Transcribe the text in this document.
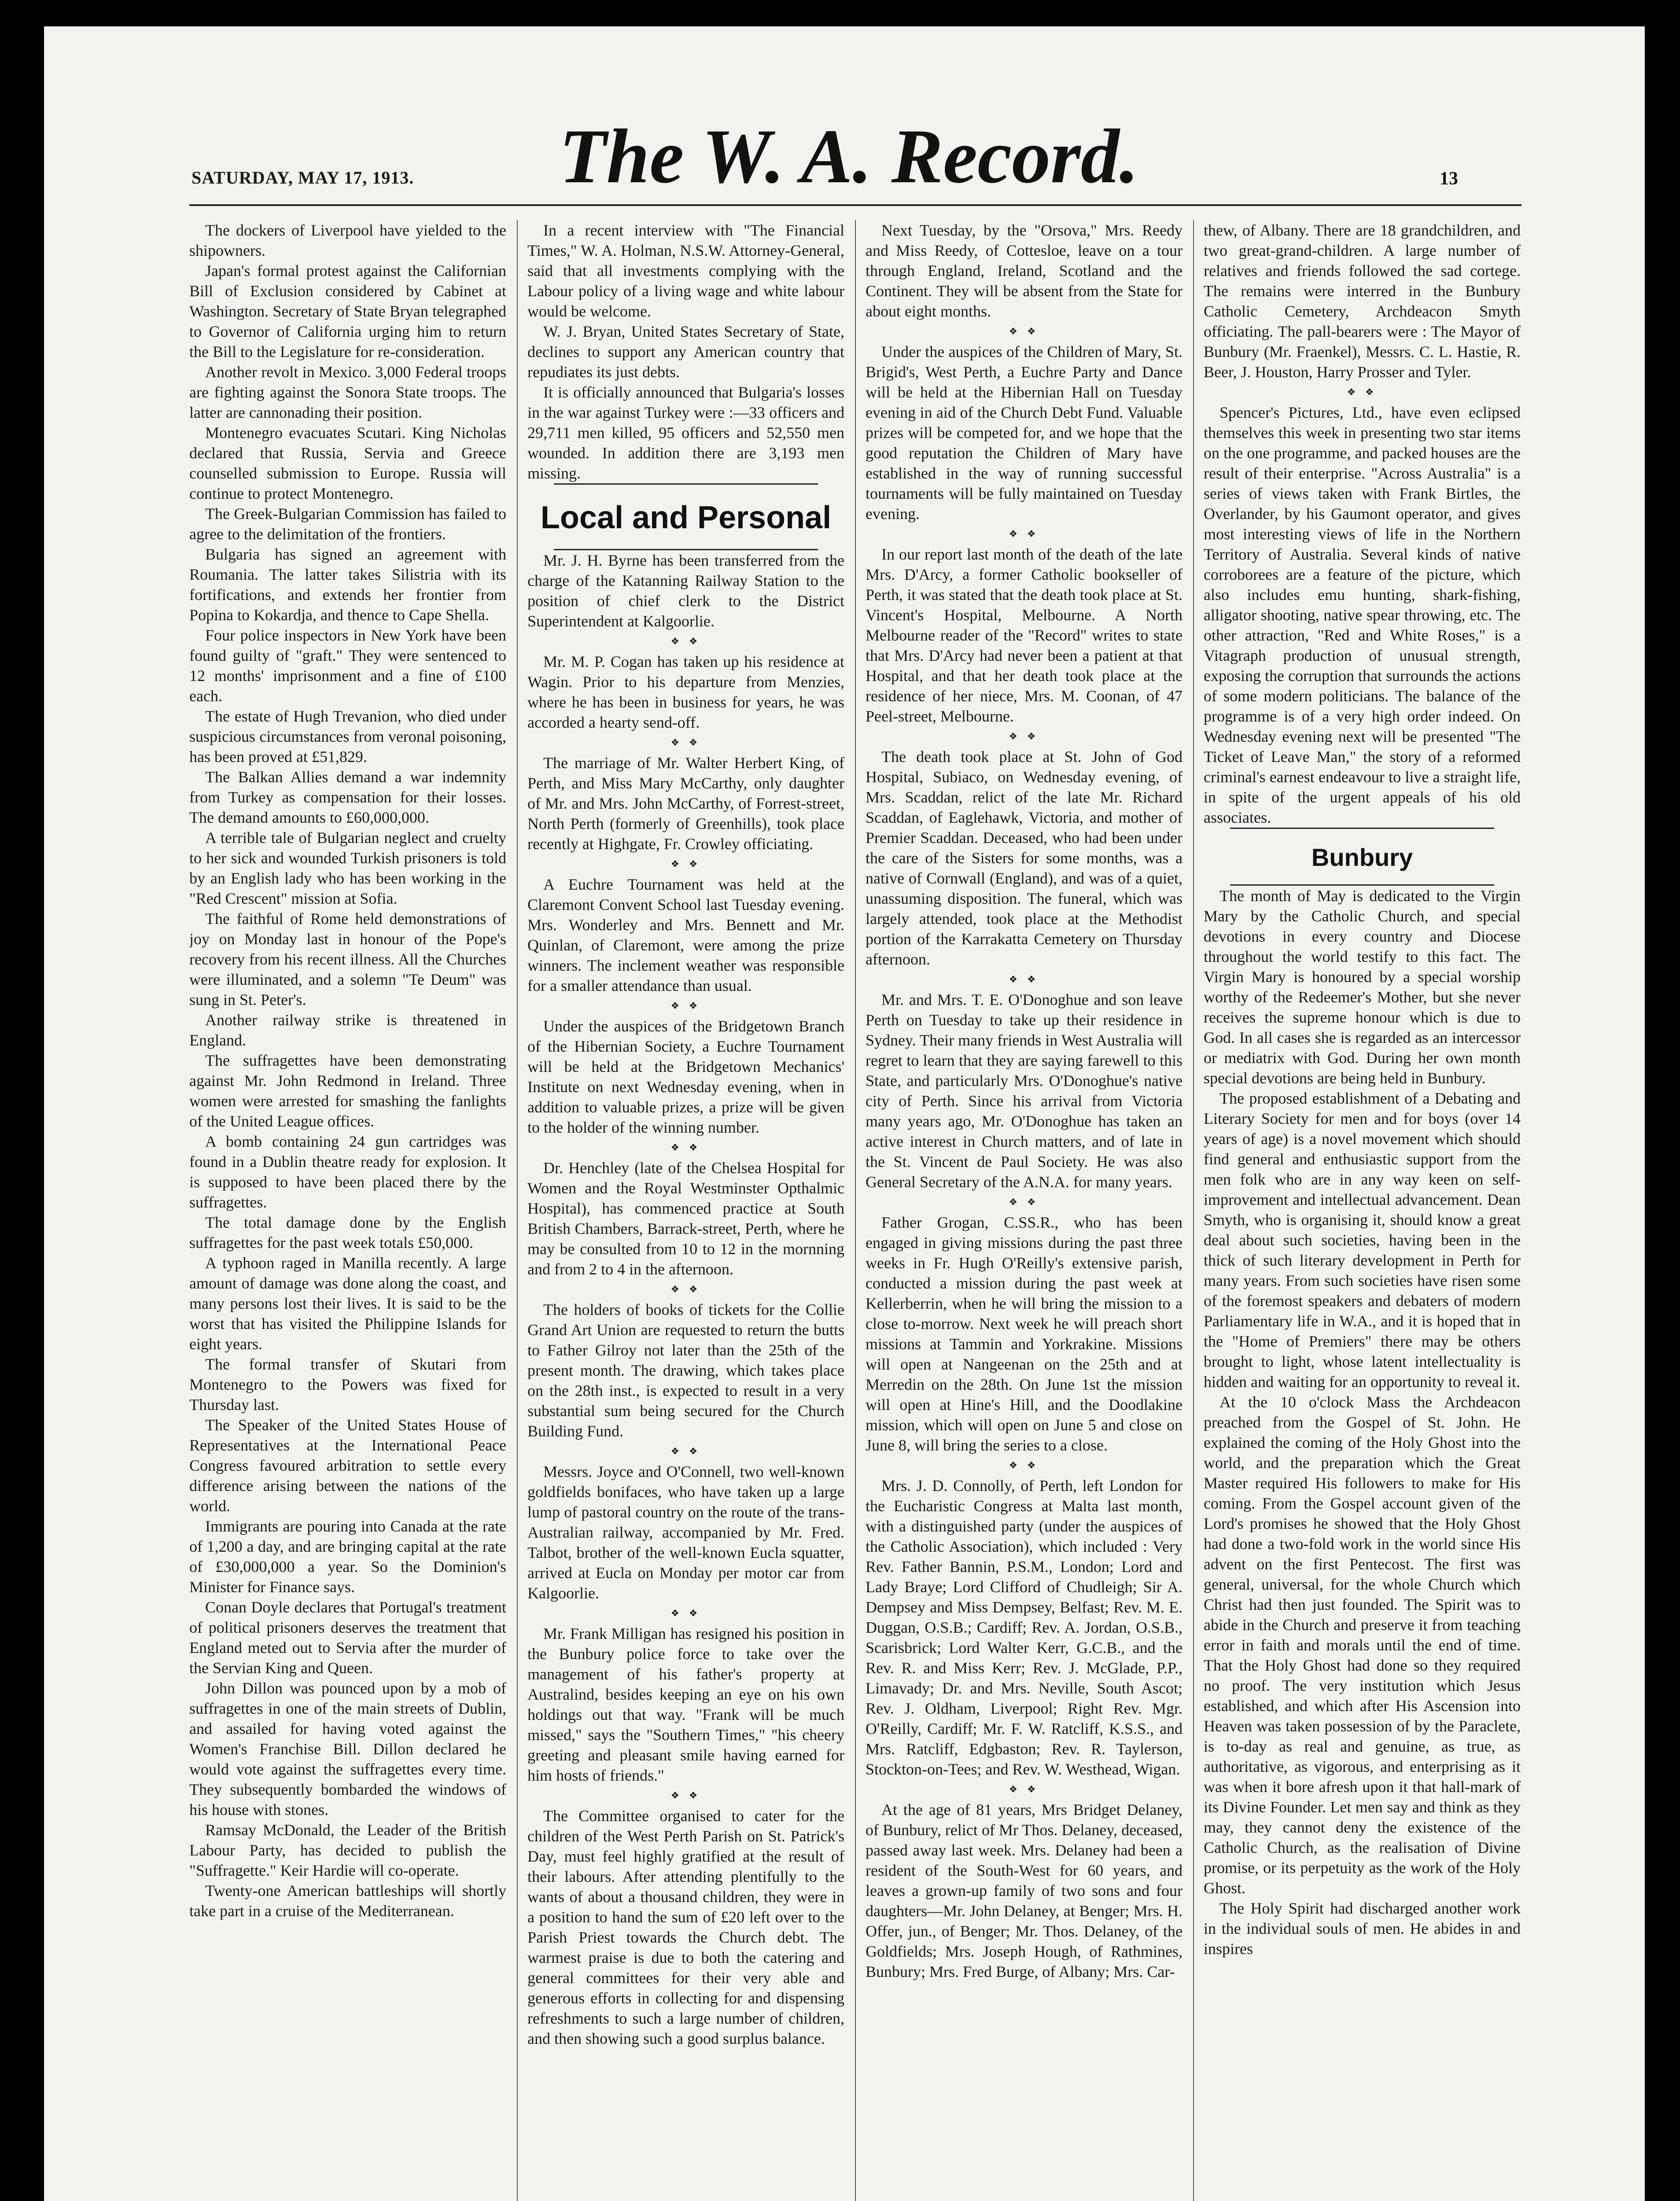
SATURDAY, MAY 17, 1913. The W. A. Record.	13

The dockers of Liverpool have yielded to the shipowners.

Japan's formal protest against the Californian Bill of Exclusion considered by Cabinet at Washington. Secretary of State Bryan telegraphed to Governor of California urging him to return the Bill to the Legislature for re-consideration.

Another revolt in Mexico. 3,000 Federal troops are fighting against the Sonora State troops. The latter are cannonading their position.

Montenegro evacuates Scutari. King Nicholas declared that Russia, Servia and Greece counselled submission to Europe. Russia will continue to protect Montenegro.

The Greek-Bulgarian Commission has failed to agree to the delimitation of the frontiers.

Bulgaria has signed an agreement with Roumania. The latter takes Silistria with its fortifications, and extends her frontier from Popina to Kokardja, and thence to Cape Shella.

Four police inspectors in New York have been found guilty of "graft." They were sentenced to 12 months' imprisonment and a fine of £100 each.

The estate of Hugh Trevanion, who died under suspicious circumstances from veronal poisoning, has been proved at £51,829.

The Balkan Allies demand a war indemnity from Turkey as compensation for their losses. The demand amounts to £60,000,000.

A terrible tale of Bulgarian neglect and cruelty to her sick and wounded Turkish prisoners is told by an English lady who has been working in the "Red Crescent" mission at Sofia.

The faithful of Rome held demonstrations of joy on Monday last in honour of the Pope's recovery from his recent illness. All the Churches were illuminated, and a solemn "Te Deum" was sung in St. Peter's.

Another railway strike is threatened in England.

The suffragettes have been demonstrating against Mr. John Redmond in Ireland. Three women were arrested for smashing the fanlights of the United League offices.

A bomb containing 24 gun cartridges was found in a Dublin theatre ready for explosion. It is supposed to have been placed there by the suffragettes.

The total damage done by the English suffragettes for the past week totals £50,000.

A typhoon raged in Manilla recently. A large amount of damage was done along the coast, and many persons lost their lives. It is said to be the worst that has visited the Philippine Islands for eight years.

The formal transfer of Skutari from Montenegro to the Powers was fixed for Thursday last.

The Speaker of the United States House of Representatives at the International Peace Congress favoured arbitration to settle every difference arising between the nations of the world.

Immigrants are pouring into Canada at the rate of 1,200 a day, and are bringing capital at the rate of £30,000,000 a year. So the Dominion's Minister for Finance says.

Conan Doyle declares that Portugal's treatment of political prisoners deserves the treatment that England meted out to Servia after the murder of the Servian King and Queen.

John Dillon was pounced upon by a mob of suffragettes in one of the main streets of Dublin, and assailed for having voted against the Women's Franchise Bill. Dillon declared he would vote against the suffragettes every time. They subsequently bombarded the windows of his house with stones.

Ramsay McDonald, the Leader of the British Labour Party, has decided to publish the "Suffragette." Keir Hardie will co-operate.

Twenty-one American battleships will shortly take part in a cruise of the Mediterranean.

In a recent interview with "The Financial Times," W. A. Holman, N.S.W. Attorney-General, said that all investments complying with the Labour policy of a living wage and white labour would be welcome.

W. J. Bryan, United States Secretary of State, declines to support any American country that repudiates its just debts.

It is officially announced that Bulgaria's losses in the war against Turkey were :—33 officers and 29,711 men killed, 95 officers and 52,550 men wounded. In addition there are 3,193 men missing.

Local and Personal

Mr. J. H. Byrne has been transferred from the charge of the Katanning Railway Station to the position of chief clerk to the District Superintendent at Kalgoorlie.

❖ ❖

Mr. M. P. Cogan has taken up his residence at Wagin. Prior to his departure from Menzies, where he has been in business for years, he was accorded a hearty send-off.

❖ ❖

The marriage of Mr. Walter Herbert King, of Perth, and Miss Mary McCarthy, only daughter of Mr. and Mrs. John McCarthy, of Forrest-street, North Perth (formerly of Greenhills), took place recently at Highgate, Fr. Crowley officiating.

❖ ❖

A Euchre Tournament was held at the Claremont Convent School last Tuesday evening. Mrs. Wonderley and Mrs. Bennett and Mr. Quinlan, of Claremont, were among the prize winners. The inclement weather was responsible for a smaller attendance than usual.

❖ ❖

Under the auspices of the Bridgetown Branch of the Hibernian Society, a Euchre Tournament will be held at the Bridgetown Mechanics' Institute on next Wednesday evening, when in addition to valuable prizes, a prize will be given to the holder of the winning number.

❖ ❖

Dr. Henchley (late of the Chelsea Hospital for Women and the Royal Westminster Opthalmic Hospital), has commenced practice at South British Chambers, Barrack-street, Perth, where he may be consulted from 10 to 12 in the mornning and from 2 to 4 in the afternoon.

❖ ❖

The holders of books of tickets for the Collie Grand Art Union are requested to return the butts to Father Gilroy not later than the 25th of the present month. The drawing, which takes place on the 28th inst., is expected to result in a very substantial sum being secured for the Church Building Fund.

❖ ❖

Messrs. Joyce and O'Connell, two well-known goldfields bonifaces, who have taken up a large lump of pastoral country on the route of the trans-Australian railway, accompanied by Mr. Fred. Talbot, brother of the well-known Eucla squatter, arrived at Eucla on Monday per motor car from Kalgoorlie.

❖ ❖

Mr. Frank Milligan has resigned his position in the Bunbury police force to take over the management of his father's property at Australind, besides keeping an eye on his own holdings out that way. "Frank will be much missed," says the "Southern Times," "his cheery greeting and pleasant smile having earned for him hosts of friends."

❖ ❖

The Committee organised to cater for the children of the West Perth Parish on St. Patrick's Day, must feel highly gratified at the result of their labours. After attending plentifully to the wants of about a thousand children, they were in a position to hand the sum of £20 left over to the Parish Priest towards the Church debt. The warmest praise is due to both the catering and general committees for their very able and generous efforts in collecting for and dispensing refreshments to such a large number of children, and then showing such a good surplus balance.

Next Tuesday, by the "Orsova," Mrs. Reedy and Miss Reedy, of Cottesloe, leave on a tour through England, Ireland, Scotland and the Continent. They will be absent from the State for about eight months.

❖ ❖

Under the auspices of the Children of Mary, St. Brigid's, West Perth, a Euchre Party and Dance will be held at the Hibernian Hall on Tuesday evening in aid of the Church Debt Fund. Valuable prizes will be competed for, and we hope that the good reputation the Children of Mary have established in the way of running successful tournaments will be fully maintained on Tuesday evening.

❖ ❖

In our report last month of the death of the late Mrs. D'Arcy, a former Catholic bookseller of Perth, it was stated that the death took place at St. Vincent's Hospital, Melbourne. A North Melbourne reader of the "Record" writes to state that Mrs. D'Arcy had never been a patient at that Hospital, and that her death took place at the residence of her niece, Mrs. M. Coonan, of 47 Peel-street, Melbourne.

❖ ❖

The death took place at St. John of God Hospital, Subiaco, on Wednesday evening, of Mrs. Scaddan, relict of the late Mr. Richard Scaddan, of Eaglehawk, Victoria, and mother of Premier Scaddan. Deceased, who had been under the care of the Sisters for some months, was a native of Cornwall (England), and was of a quiet, unassuming disposition. The funeral, which was largely attended, took place at the Methodist portion of the Karrakatta Cemetery on Thursday afternoon.

❖ ❖

Mr. and Mrs. T. E. O'Donoghue and son leave Perth on Tuesday to take up their residence in Sydney. Their many friends in West Australia will regret to learn that they are saying farewell to this State, and particularly Mrs. O'Donoghue's native city of Perth. Since his arrival from Victoria many years ago, Mr. O'Donoghue has taken an active interest in Church matters, and of late in the St. Vincent de Paul Society. He was also General Secretary of the A.N.A. for many years.

❖ ❖

Father Grogan, C.SS.R., who has been engaged in giving missions during the past three weeks in Fr. Hugh O'Reilly's extensive parish, conducted a mission during the past week at Kellerberrin, when he will bring the mission to a close to-morrow. Next week he will preach short missions at Tammin and Yorkrakine. Missions will open at Nangeenan on the 25th and at Merredin on the 28th. On June 1st the mission will open at Hine's Hill, and the Doodlakine mission, which will open on June 5 and close on June 8, will bring the series to a close.

❖ ❖

Mrs. J. D. Connolly, of Perth, left London for the Eucharistic Congress at Malta last month, with a distinguished party (under the auspices of the Catholic Association), which included : Very Rev. Father Bannin, P.S.M., London; Lord and Lady Braye; Lord Clifford of Chudleigh; Sir A. Dempsey and Miss Dempsey, Belfast; Rev. M. E. Duggan, O.S.B.; Cardiff; Rev. A. Jordan, O.S.B., Scarisbrick; Lord Walter Kerr, G.C.B., and the Rev. R. and Miss Kerr; Rev. J. McGlade, P.P., Limavady; Dr. and Mrs. Neville, South Ascot; Rev. J. Oldham, Liverpool; Right Rev. Mgr. O'Reilly, Cardiff; Mr. F. W. Ratcliff, K.S.S., and Mrs. Ratcliff, Edgbaston; Rev. R. Taylerson, Stockton-on-Tees; and Rev. W. Westhead, Wigan.

❖ ❖

At the age of 81 years, Mrs Bridget Delaney, of Bunbury, relict of Mr Thos. Delaney, deceased, passed away last week. Mrs. Delaney had been a resident of the South-West for 60 years, and leaves a grown-up family of two sons and four daughters—Mr. John Delaney, at Benger; Mrs. H. Offer, jun., of Benger; Mr. Thos. Delaney, of the Goldfields; Mrs. Joseph Hough, of Rathmines, Bunbury; Mrs. Fred Burge, of Albany; Mrs. Car-

thew, of Albany. There are 18 grandchildren, and two great-grand-children. A large number of relatives and friends followed the sad cortege. The remains were interred in the Bunbury Catholic Cemetery, Archdeacon Smyth officiating. The pall-bearers were : The Mayor of Bunbury (Mr. Fraenkel), Messrs. C. L. Hastie, R. Beer, J. Houston, Harry Prosser and Tyler.

❖ ❖

Spencer's Pictures, Ltd., have even eclipsed themselves this week in presenting two star items on the one programme, and packed houses are the result of their enterprise. "Across Australia" is a series of views taken with Frank Birtles, the Overlander, by his Gaumont operator, and gives most interesting views of life in the Northern Territory of Australia. Several kinds of native corroborees are a feature of the picture, which also includes emu hunting, shark-fishing, alligator shooting, native spear throwing, etc. The other attraction, "Red and White Roses," is a Vitagraph production of unusual strength, exposing the corruption that surrounds the actions of some modern politicians. The balance of the programme is of a very high order indeed. On Wednesday evening next will be presented "The Ticket of Leave Man," the story of a reformed criminal's earnest endeavour to live a straight life, in spite of the urgent appeals of his old associates.

Bunbury

The month of May is dedicated to the Virgin Mary by the Catholic Church, and special devotions in every country and Diocese throughout the world testify to this fact. The Virgin Mary is honoured by a special worship worthy of the Redeemer's Mother, but she never receives the supreme honour which is due to God. In all cases she is regarded as an intercessor or mediatrix with God. During her own month special devotions are being held in Bunbury.

The proposed establishment of a Debating and Literary Society for men and for boys (over 14 years of age) is a novel movement which should find general and enthusiastic support from the men folk who are in any way keen on self-improvement and intellectual advancement. Dean Smyth, who is organising it, should know a great deal about such societies, having been in the thick of such literary development in Perth for many years. From such societies have risen some of the foremost speakers and debaters of modern Parliamentary life in W.A., and it is hoped that in the "Home of Premiers" there may be others brought to light, whose latent intellectuality is hidden and waiting for an opportunity to reveal it.

At the 10 o'clock Mass the Archdeacon preached from the Gospel of St. John. He explained the coming of the Holy Ghost into the world, and the preparation which the Great Master required His followers to make for His coming. From the Gospel account given of the Lord's promises he showed that the Holy Ghost had done a two-fold work in the world since His advent on the first Pentecost. The first was general, universal, for the whole Church which Christ had then just founded. The Spirit was to abide in the Church and preserve it from teaching error in faith and morals until the end of time. That the Holy Ghost had done so they required no proof. The very institution which Jesus established, and which after His Ascension into Heaven was taken possession of by the Paraclete, is to-day as real and genuine, as true, as authoritative, as vigorous, and enterprising as it was when it bore afresh upon it that hall-mark of its Divine Founder. Let men say and think as they may, they cannot deny the existence of the Catholic Church, as the realisation of Divine promise, or its perpetuity as the work of the Holy Ghost.

The Holy Spirit had discharged another work in the individual souls of men. He abides in and inspires
